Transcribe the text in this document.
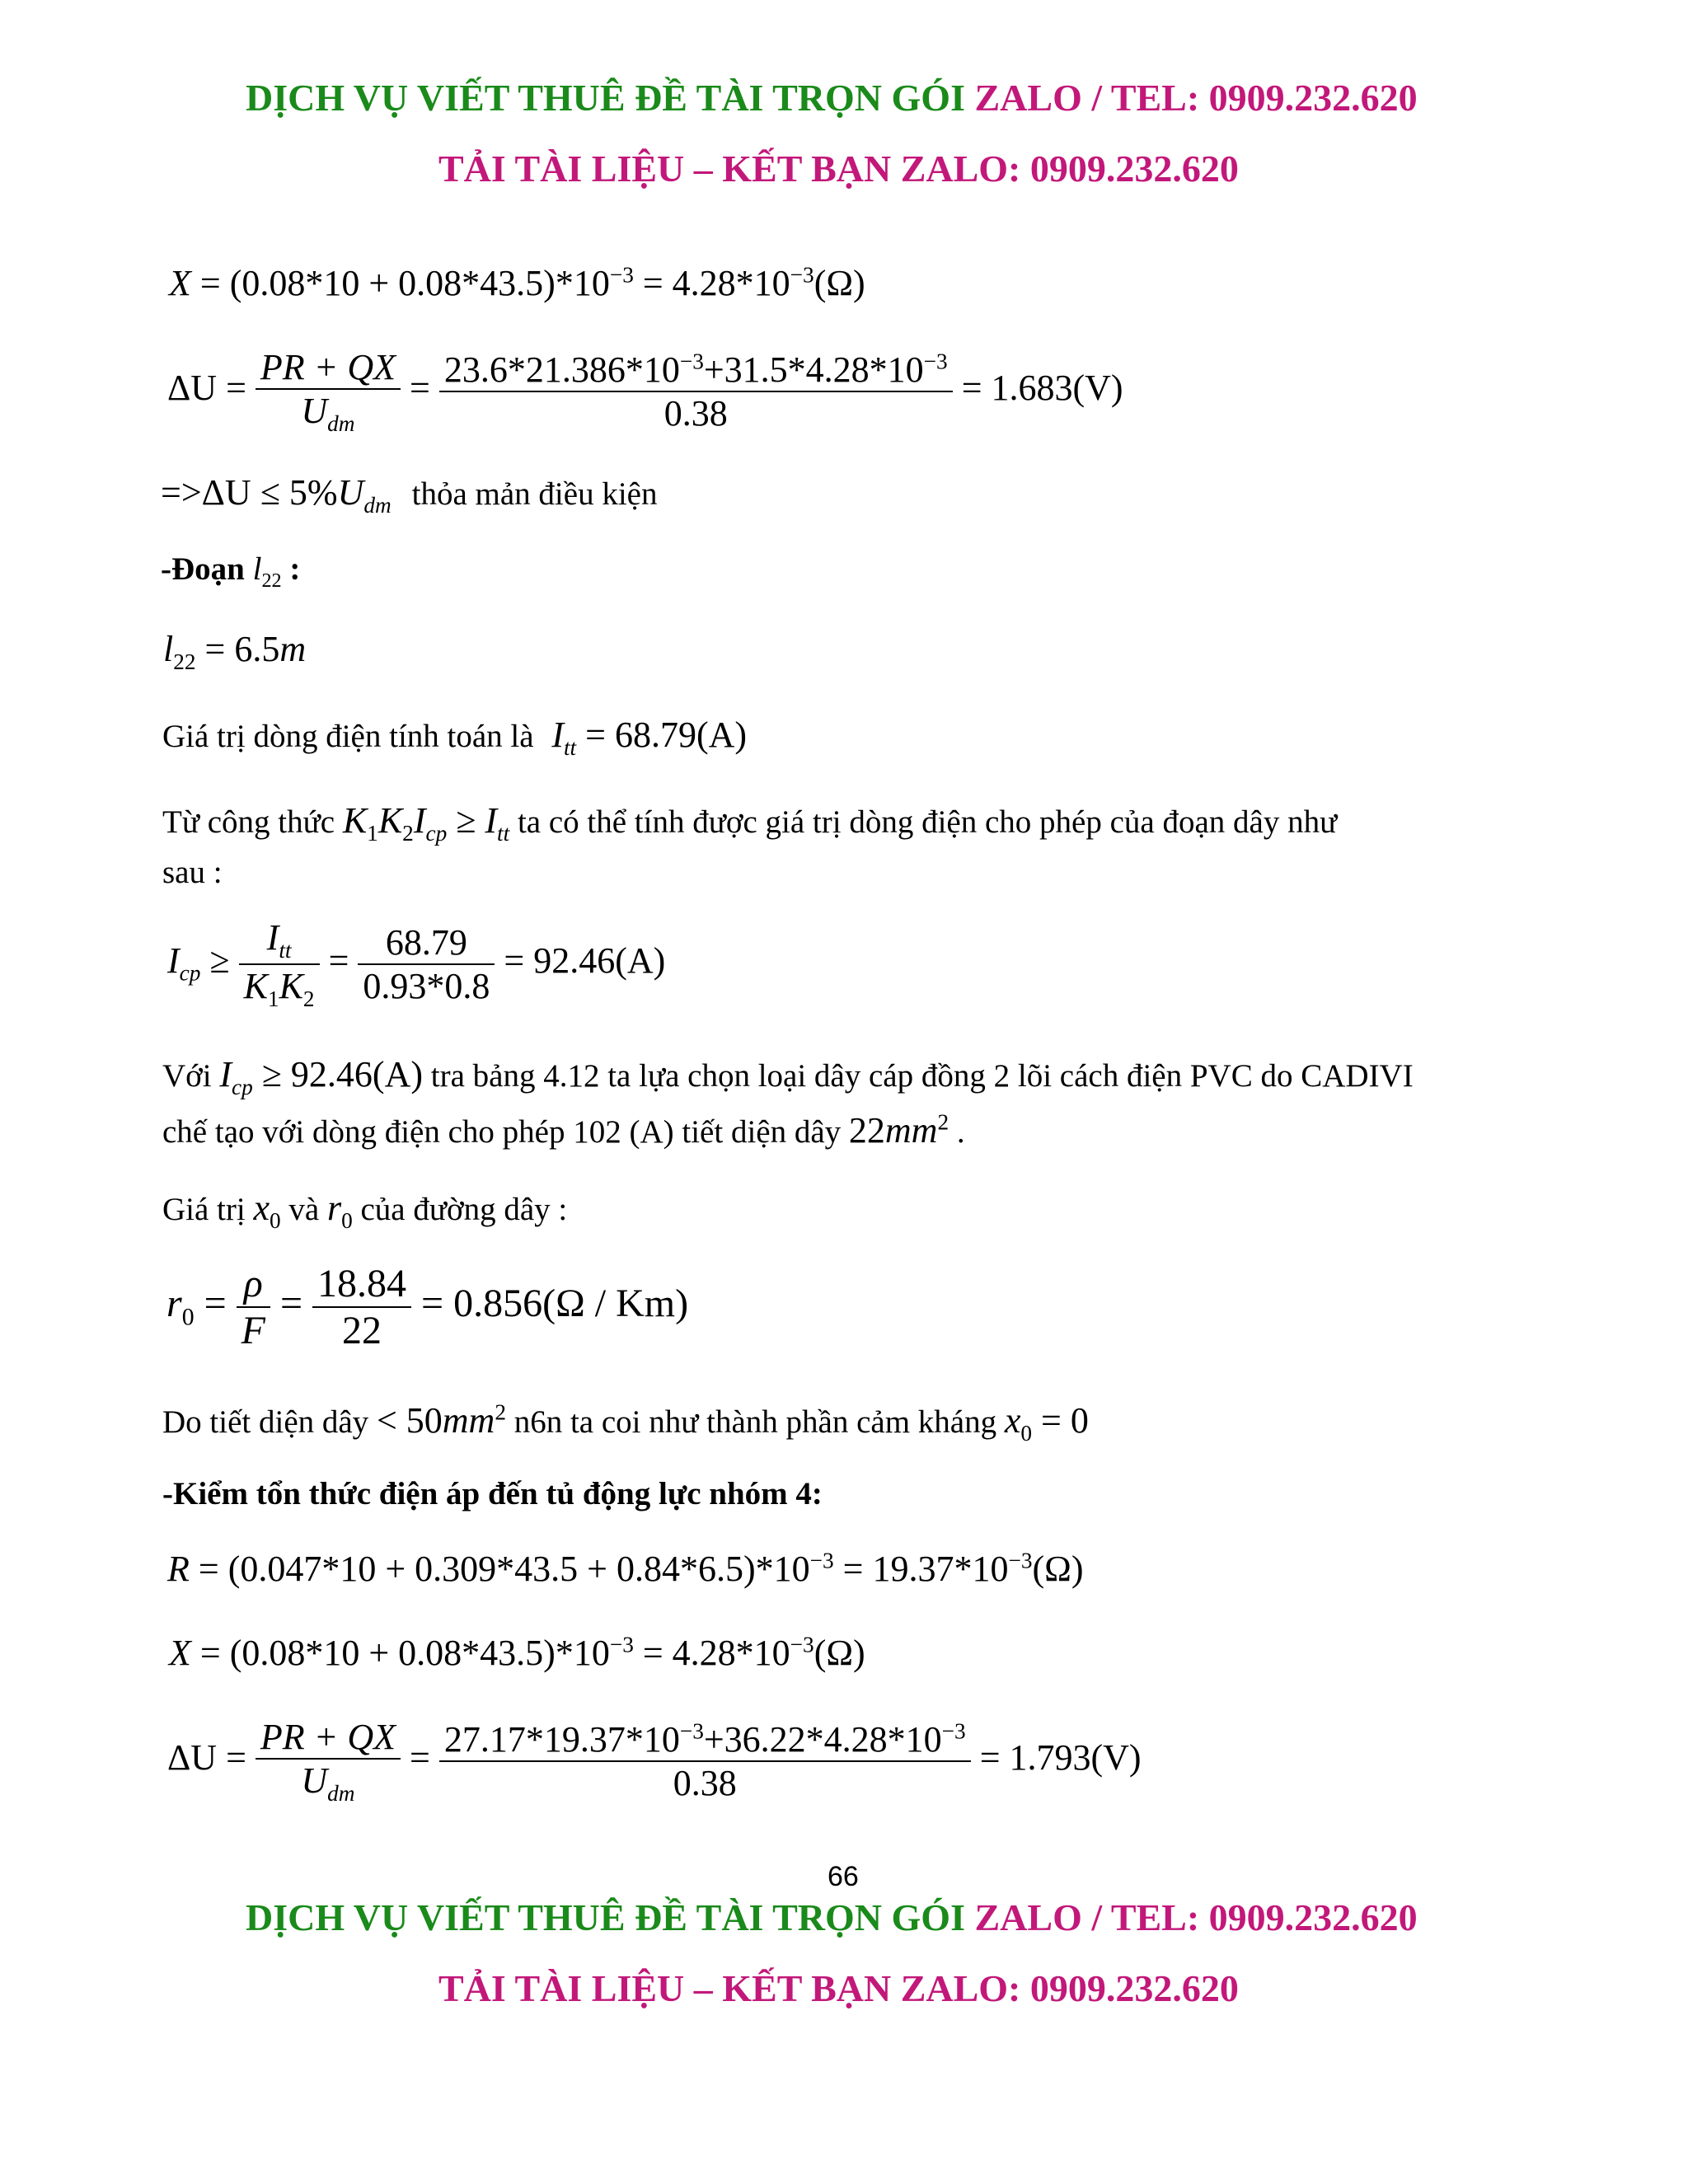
DỊCH VỤ VIẾT THUÊ ĐỀ TÀI TRỌN GÓI ZALO / TEL: 0909.232.620
TẢI TÀI LIỆU – KẾT BẠN ZALO: 0909.232.620
$X = (0.08*10 + 0.08*43.5)*10^{-3} = 4.28*10^{-3}(\Omega)$
$\Delta U = \frac{PR + QX}{U_{dm}} = \frac{23.6*21.386*10^{-3}+31.5*4.28*10^{-3}}{0.38} = 1.683(V)$
$=>\Delta U \le 5\%U_{dm}$ thỏa mản điều kiện
-Đoạn $l_{22}$ :
$l_{22} = 6.5m$
Giá trị dòng điện tính toán là $I_{tt} = 68.79(A)$
Từ công thức $K_1K_2I_{cp} \ge I_{tt}$ ta có thể tính được giá trị dòng điện cho phép của đoạn dây như
sau :
$I_{cp} \ge \frac{I_{tt}}{K_1K_2} = \frac{68.79}{0.93*0.8} = 92.46(A)$
Với $I_{cp} \ge 92.46(A)$ tra bảng 4.12 ta lựa chọn loại dây cáp đồng 2 lõi cách điện PVC do CADIVI
chế tạo với dòng điện cho phép 102 (A) tiết diện dây $22mm^2$ .
Giá trị $x_0$ và $r_0$ của đường dây :
$r_0 = \frac{\rho}{F} = \frac{18.84}{22} = 0.856(\Omega / Km)$
Do tiết diện dây < $50mm^2$ n6n ta coi như thành phần cảm kháng $x_0 = 0$
-Kiểm tổn thức điện áp đến tủ động lực nhóm 4:
$R = (0.047*10 + 0.309*43.5 + 0.84*6.5)*10^{-3} = 19.37*10^{-3}(\Omega)$
$X = (0.08*10 + 0.08*43.5)*10^{-3} = 4.28*10^{-3}(\Omega)$
$\Delta U = \frac{PR + QX}{U_{dm}} = \frac{27.17*19.37*10^{-3}+36.22*4.28*10^{-3}}{0.38} = 1.793(V)$
66
DỊCH VỤ VIẾT THUÊ ĐỀ TÀI TRỌN GÓI ZALO / TEL: 0909.232.620
TẢI TÀI LIỆU – KẾT BẠN ZALO: 0909.232.620
